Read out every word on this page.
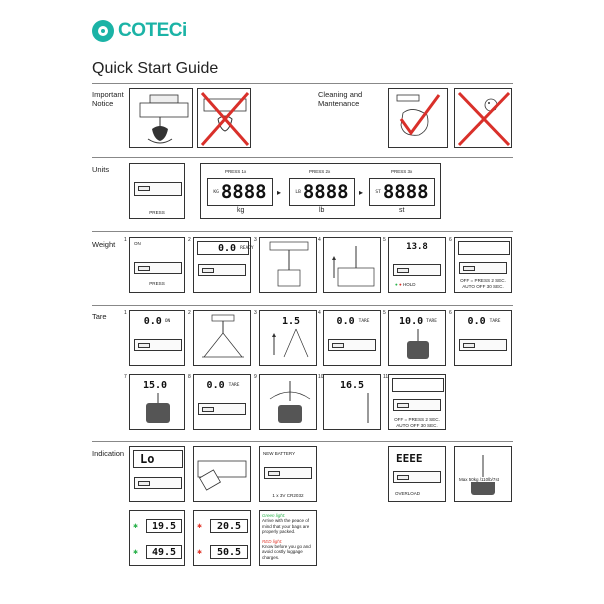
COTECi
Quick Start Guide
Important
Notice
Cleaning and
Mantenance
Units
PRESS
PRESS 1x	PRESS 2x	PRESS 3x
KG 8888	LB 8888	ST 8888
▸	▸
kg	lb	st
Weight 1
ON
PRESS
2
0.0 READY
3	4	5
13.8
● ● HOLD
6
OFF = PRESS 2 SEC.
AUTO OFF 30 SEC.
Tare	1
0.0 ON
2	3
1.5
4
0.0 TARE
5
10.0 TARE
6
0.0 TARE
7
15.0
8
0.0 TARE
9	10
16.5
11
OFF = PRESS 2 SEC.
AUTO OFF 30 SEC.
Indication	Lo	NEW BATTERY
1 x 3V CR2032
EEEE
OVERLOAD
Max 50kg /110lb/7st
✱	19.5
✱	49.5
✱	20.5
✱	50.5
Green light:
Arrive with the peace of mind that your bags are properly packed.
RED light:
Know before you go and avoid costly luggage charges.
